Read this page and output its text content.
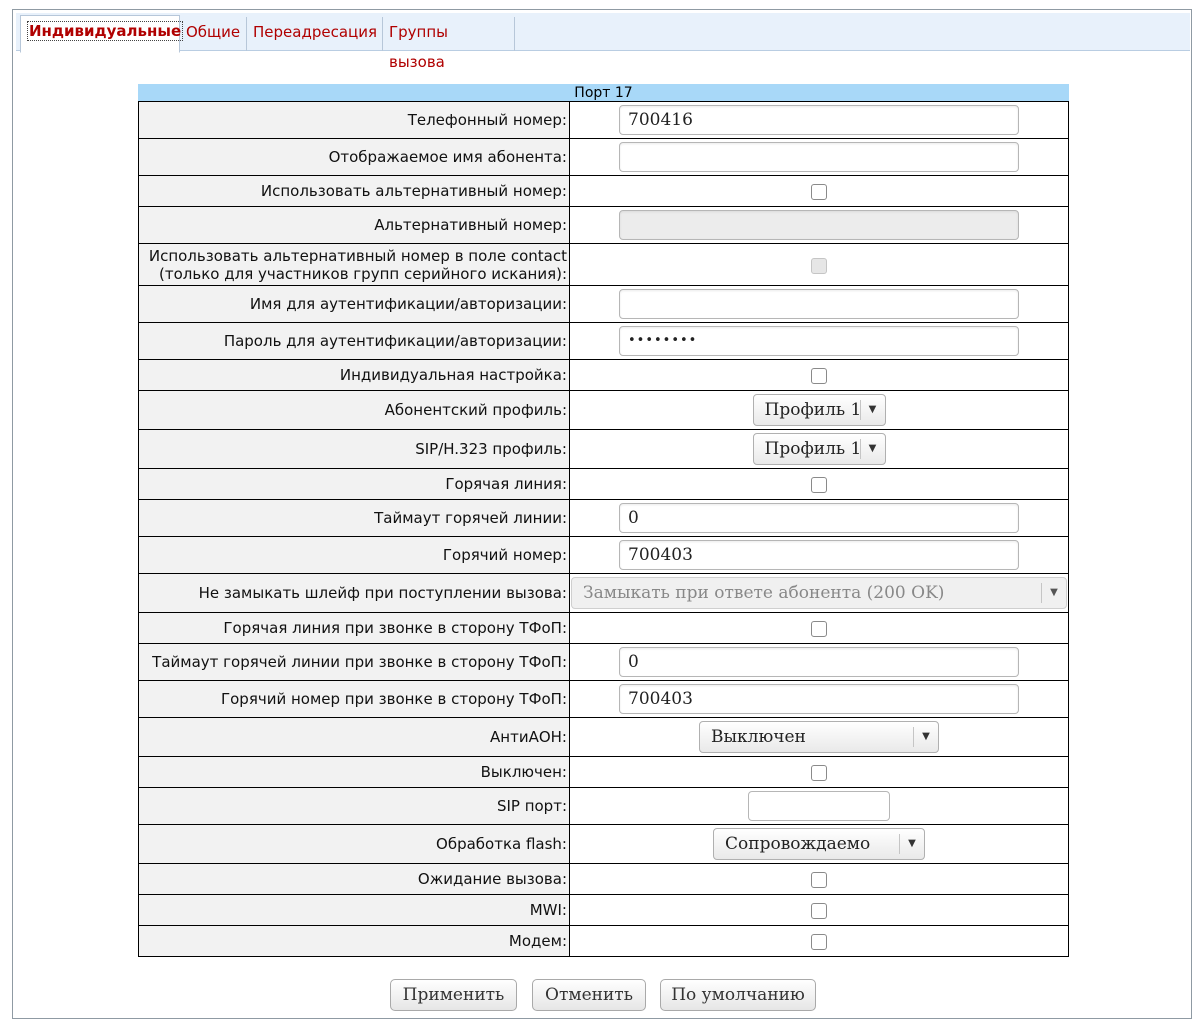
Индивидуальные Общие Переадресация Группы вызова
Порт 17	
Телефонный номер:	700416
Отображаемое имя абонента:	
Использовать альтернативный номер:	
Альтернативный номер:	

Использовать альтернативный номер в поле contact
(только для участников групп серийного искания):	

Имя для аутентификации/авторизации:	
Пароль для аутентификации/авторизации:	••••••••
Индивидуальная настройка:	
Абонентский профиль:	Профиль 1 ▼

SIP/H.323 профиль:	Профиль 1 ▼

Горячая линия:	
Таймаут горячей линии:	0
Горячий номер:	700403
Не замыкать шлейф при поступлении вызова:	Замыкать при ответе абонента (200 OK) ▼

Горячая линия при звонке в сторону ТФоП:	
Таймаут горячей линии при звонке в сторону ТФоП:	0
Горячий номер при звонке в сторону ТФоП:	700403
АнтиАОН:	Выключен ▼

Выключен:	
SIP порт:	
Обработка flash:	Сопровождаемо ▼

Ожидание вызова:	
MWI:	
Модем:	
Применить	Отменить	По умолчанию
